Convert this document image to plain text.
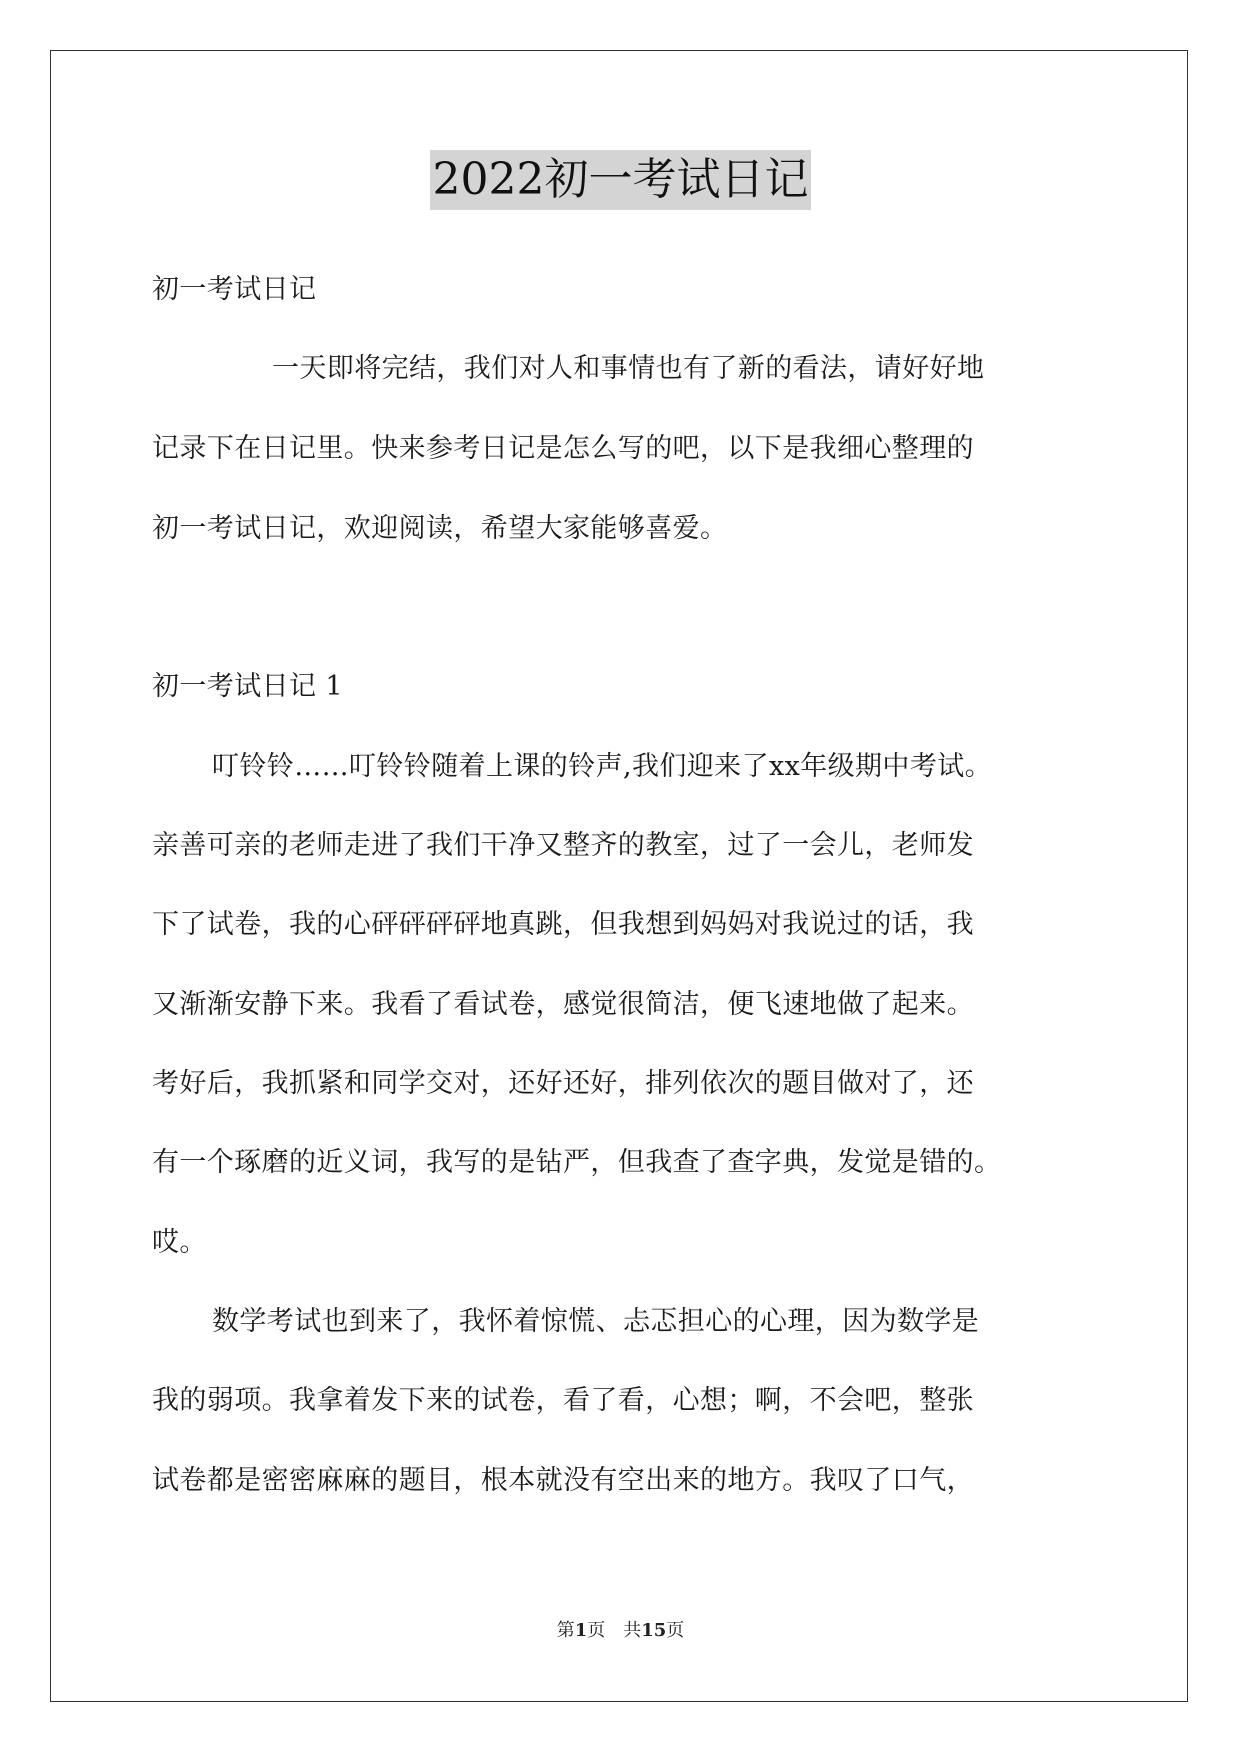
2022初一考试日记
初一考试日记
一天即将完结，我们对人和事情也有了新的看法，请好好地
记录下在日记里。快来参考日记是怎么写的吧，以下是我细心整理的
初一考试日记，欢迎阅读，希望大家能够喜爱。
初一考试日记 1
叮铃铃……叮铃铃随着上课的铃声,我们迎来了xx年级期中考试。
亲善可亲的老师走进了我们干净又整齐的教室，过了一会儿，老师发
下了试卷，我的心砰砰砰砰地真跳，但我想到妈妈对我说过的话，我
又渐渐安静下来。我看了看试卷，感觉很简洁，便飞速地做了起来。
考好后，我抓紧和同学交对，还好还好，排列依次的题目做对了，还
有一个琢磨的近义词，我写的是钻严，但我查了查字典，发觉是错的。
哎。
数学考试也到来了，我怀着惊慌、忐忑担心的心理，因为数学是
我的弱项。我拿着发下来的试卷，看了看，心想；啊，不会吧，整张
试卷都是密密麻麻的题目，根本就没有空出来的地方。我叹了口气，
第1页 共15页
